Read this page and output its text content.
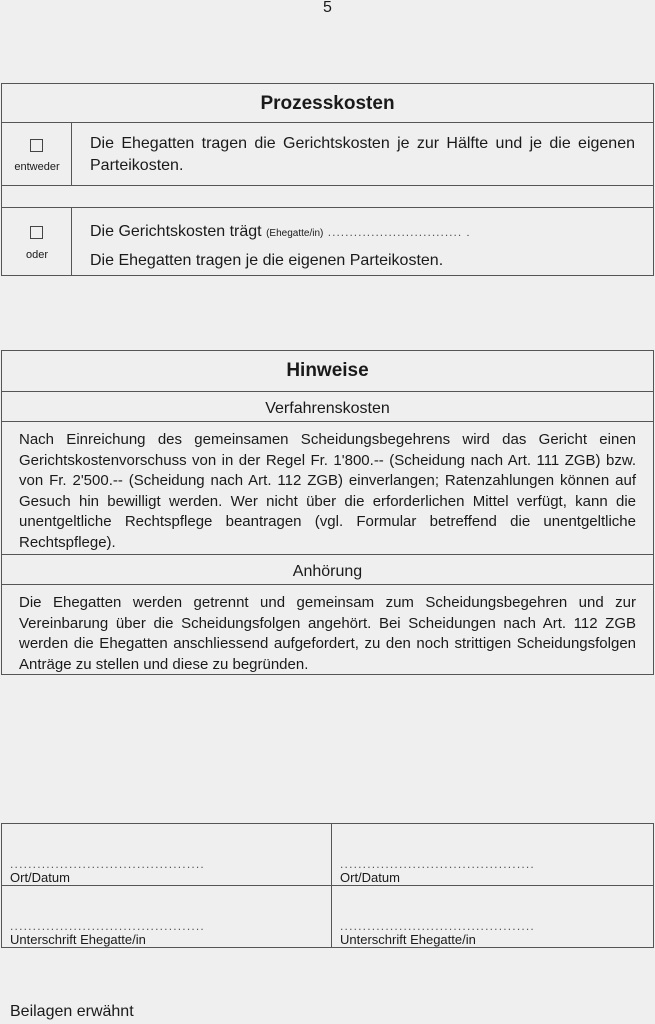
5
Prozesskosten
entweder
Die Ehegatten tragen die Gerichtskosten je zur Hälfte und je die eigenen Parteikosten.
oder
Die Gerichtskosten trägt (Ehegatte/in) ............................... .
Die Ehegatten tragen je die eigenen Parteikosten.
Hinweise
Verfahrenskosten
Nach Einreichung des gemeinsamen Scheidungsbegehrens wird das Gericht einen Gerichtskostenvorschuss von in der Regel Fr. 1'800.-- (Scheidung nach Art. 111 ZGB) bzw. von Fr. 2'500.-- (Scheidung nach Art. 112 ZGB) einverlangen; Ratenzahlungen können auf Gesuch hin bewilligt werden. Wer nicht über die erforderlichen Mittel verfügt, kann die unentgeltliche Rechtspflege beantragen (vgl. Formular betreffend die unentgeltliche Rechtspflege).
Anhörung
Die Ehegatten werden getrennt und gemeinsam zum Scheidungsbegehren und zur Vereinbarung über die Scheidungsfolgen angehört. Bei Scheidungen nach Art. 112 ZGB werden die Ehegatten anschliessend aufgefordert, zu den noch strittigen Scheidungsfolgen Anträge zu stellen und diese zu begründen.
...........................................
Ort/Datum
...........................................
Ort/Datum
...........................................
Unterschrift Ehegatte/in
...........................................
Unterschrift Ehegatte/in
Beilagen erwähnt
